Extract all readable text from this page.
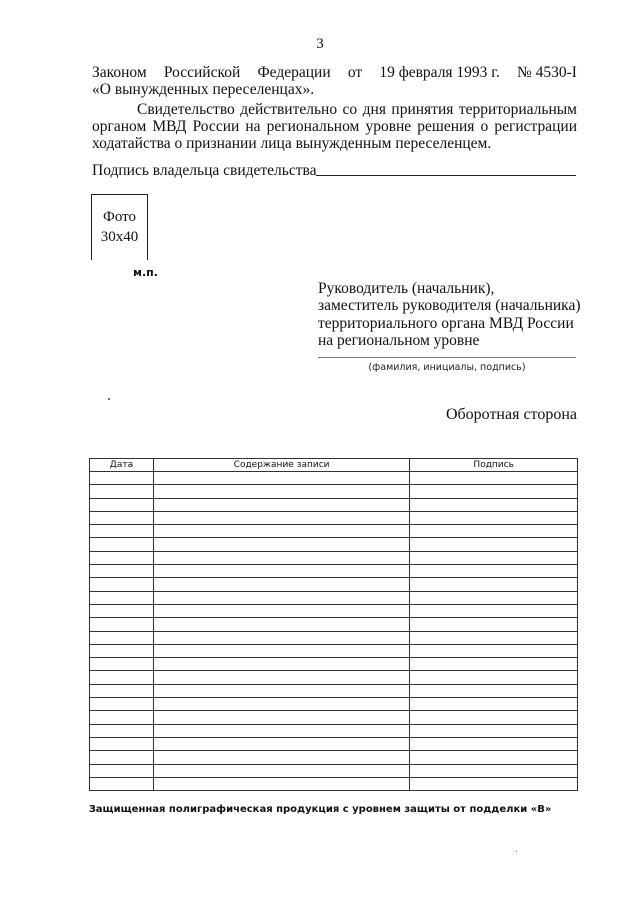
3
Законом Российской Федерации от 19 февраля 1993 г. № 4530-I
«О вынужденных переселенцах».
Свидетельство действительно со дня принятия территориальным
органом МВД России на региональном уровне решения о регистрации
ходатайства о признании лица вынужденным переселенцем.
Подпись владельца свидетельства
Фото
30х40
м.п.
Руководитель (начальник),
заместитель руководителя (начальника)
территориального органа МВД России
на региональном уровне
(фамилия, инициалы, подпись)
Оборотная сторона
Дата	Содержание записи	Подпись

Защищенная полиграфическая продукция с уровнем защиты от подделки «В»
